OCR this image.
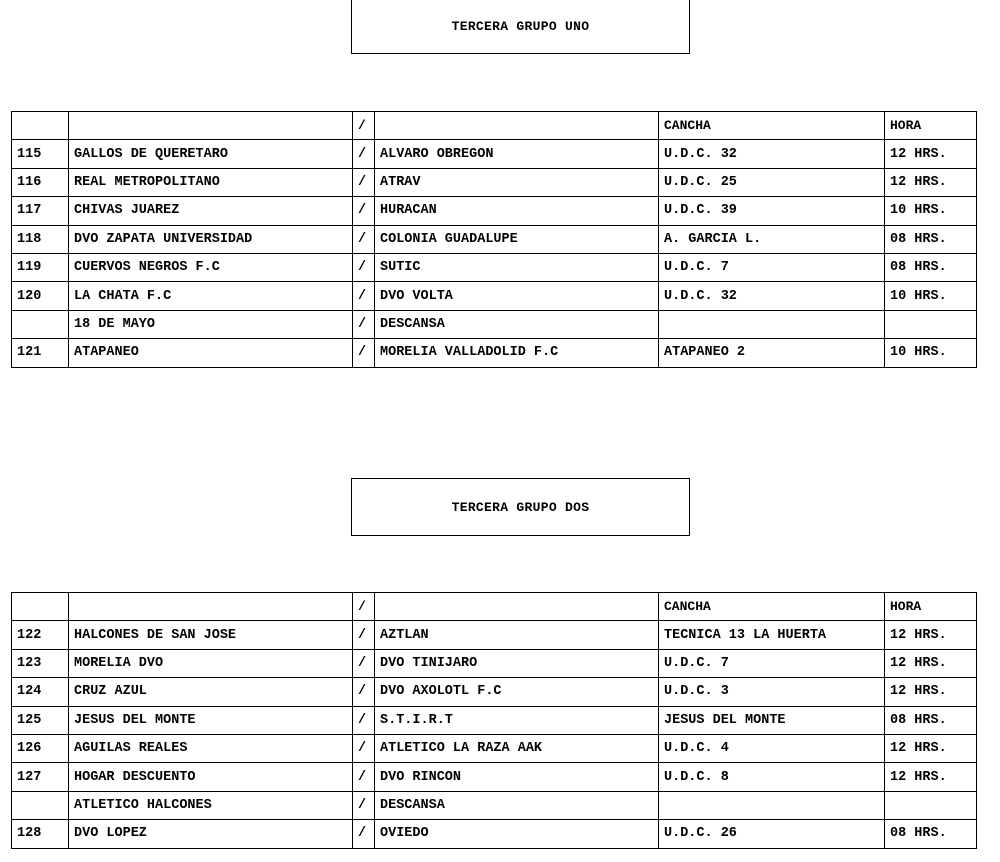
TERCERA GRUPO UNO
		/		CANCHA	HORA
115	GALLOS DE QUERETARO	/	ALVARO OBREGON	U.D.C. 32	12 HRS.
116	REAL METROPOLITANO	/	ATRAV	U.D.C. 25	12 HRS.
117	CHIVAS JUAREZ	/	HURACAN	U.D.C. 39	10 HRS.
118	DVO ZAPATA UNIVERSIDAD	/	COLONIA GUADALUPE	A. GARCIA L.	08 HRS.
119	CUERVOS NEGROS F.C	/	SUTIC	U.D.C. 7	08 HRS.
120	LA CHATA F.C	/	DVO VOLTA	U.D.C. 32	10 HRS.
	18 DE MAYO	/	DESCANSA		
121	ATAPANEO	/	MORELIA VALLADOLID F.C	ATAPANEO 2	10 HRS.
TERCERA GRUPO DOS
		/		CANCHA	HORA
122	HALCONES DE SAN JOSE	/	AZTLAN	TECNICA 13 LA HUERTA	12 HRS.
123	MORELIA DVO	/	DVO TINIJARO	U.D.C. 7	12 HRS.
124	CRUZ AZUL	/	DVO AXOLOTL F.C	U.D.C. 3	12 HRS.
125	JESUS DEL MONTE	/	S.T.I.R.T	JESUS DEL MONTE	08 HRS.
126	AGUILAS REALES	/	ATLETICO LA RAZA AAK	U.D.C. 4	12 HRS.
127	HOGAR DESCUENTO	/	DVO RINCON	U.D.C. 8	12 HRS.
	ATLETICO HALCONES	/	DESCANSA		
128	DVO LOPEZ	/	OVIEDO	U.D.C. 26	08 HRS.
